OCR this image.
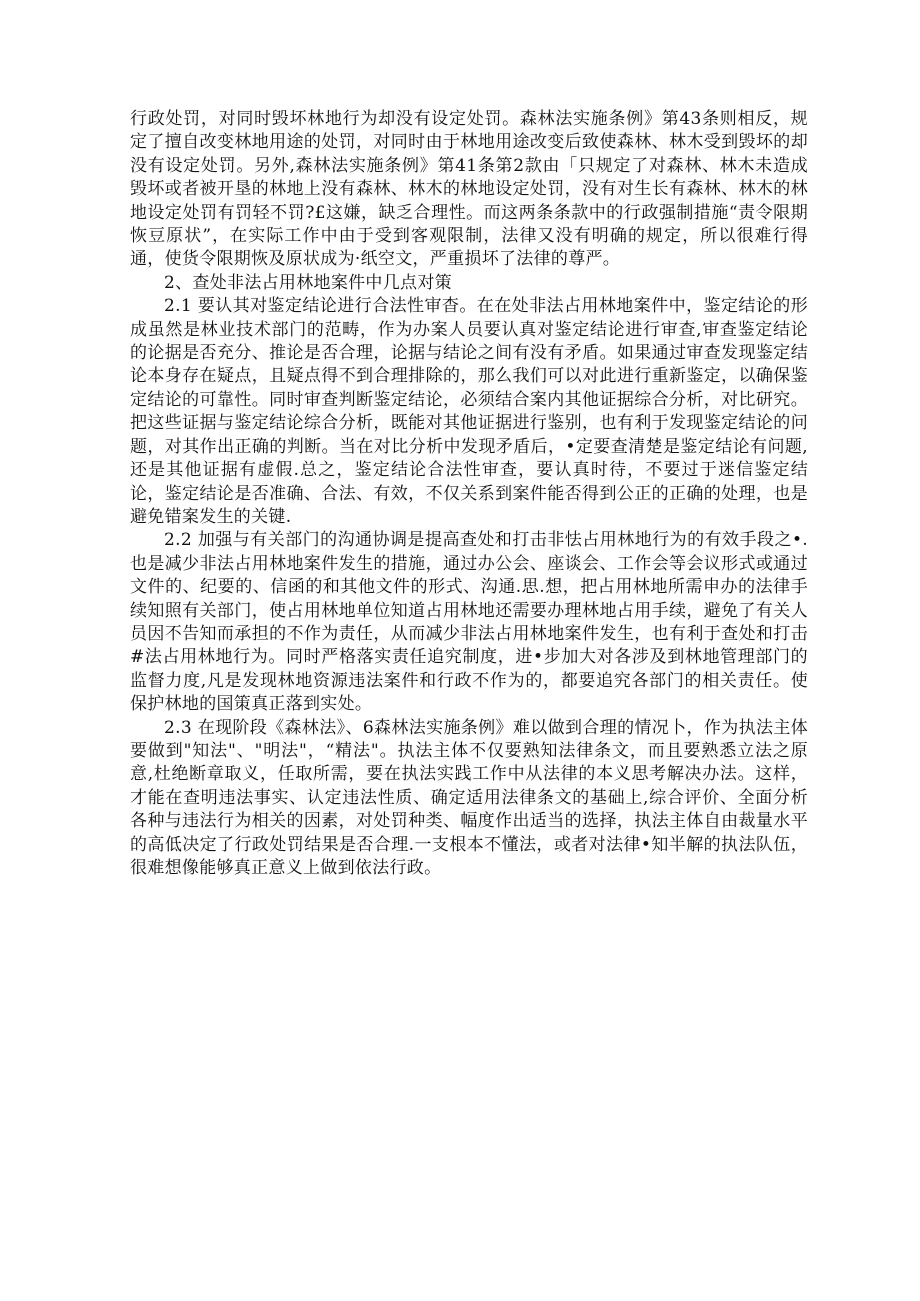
行政处罚，对同时毁坏林地行为却没有设定处罚。森林法实施条例》第43条则相反，规定了擅自改变林地用途的处罚，对同时由于林地用途改变后致使森林、林木受到毁坏的却没有设定处罚。另外,森林法实施条例》第41条第2款由「只规定了对森林、林木未造成毁坏或者被开垦的林地上没有森林、林木的林地设定处罚，没有对生长有森林、林木的林地设定处罚有罚轻不罚?£这嫌，缺乏合理性。而这两条条款中的行政强制措施“责令限期恢豆原状”，在实际工作中由于受到客观限制，法律又没有明确的规定，所以很难行得通，使货令限期恢及原状成为·纸空文，严重损坏了法律的尊严。

2、查处非法占用林地案件中几点对策

2.1 要认其对鉴定结论进行合法性审杳。在在处非法占用林地案件中，鉴定结论的形成虽然是林业技术部门的范畴，作为办案人员要认真对鉴定结论进行审查,审查鉴定结论的论据是否充分、推论是否合理，论据与结论之间有没有矛盾。如果通过审查发现鉴定结论本身存在疑点，且疑点得不到合理排除的，那么我们可以对此进行重新鉴定，以确保鉴定结论的可靠性。同时审查判断鉴定结论，必须结合案内其他证据综合分析，对比研究。把这些证据与鉴定结论综合分析，既能对其他证据进行鉴别，也有利于发现鉴定结论的问题，对其作出正确的判断。当在对比分析中发现矛盾后，•定要查清楚是鉴定结论有问题,还是其他证据有虚假.总之，鉴定结论合法性审查，要认真时待，不要过于迷信鉴定结论，鉴定结论是否准确、合法、有效，不仅关系到案件能否得到公正的正确的处理，也是避免错案发生的关键.

2.2 加强与有关部门的沟通协调是提高查处和打击非怯占用林地行为的有效手段之•.也是减少非法占用林地案件发生的措施，通过办公会、座谈会、工作会等会议形式或通过文件的、纪要的、信函的和其他文件的形式、沟通.思.想，把占用林地所需申办的法律手续知照有关部门，使占用林地单位知道占用林地还需要办理林地占用手续，避免了有关人员因不告知而承担的不作为责任，从而减少非法占用林地案件发生，也有利于查处和打击#法占用林地行为。同时严格落实责任追究制度，进•步加大对各涉及到林地管理部门的监督力度,凡是发现林地资源违法案件和行政不作为的，都要追究各部门的相关责任。使保护林地的国策真正落到实处。

2.3 在现阶段《森林法》、6森林法实施条例》难以做到合理的情况卜，作为执法主体要做到"知法"、"明法"，“精法"。执法主体不仅要熟知法律条文，而且要熟悉立法之原意,杜绝断章取义，任取所需，要在执法实践工作中从法律的本义思考解决办法。这样，才能在查明违法事实、认定违法性质、确定适用法律条文的基础上,综合评价、全面分析各种与违法行为相关的因素，对处罚种类、幅度作出适当的选择，执法主体自由裁量水平的高低决定了行政处罚结果是否合理.一支根本不懂法，或者对法律•知半解的执法队伍，很难想像能够真正意义上做到依法行政。
